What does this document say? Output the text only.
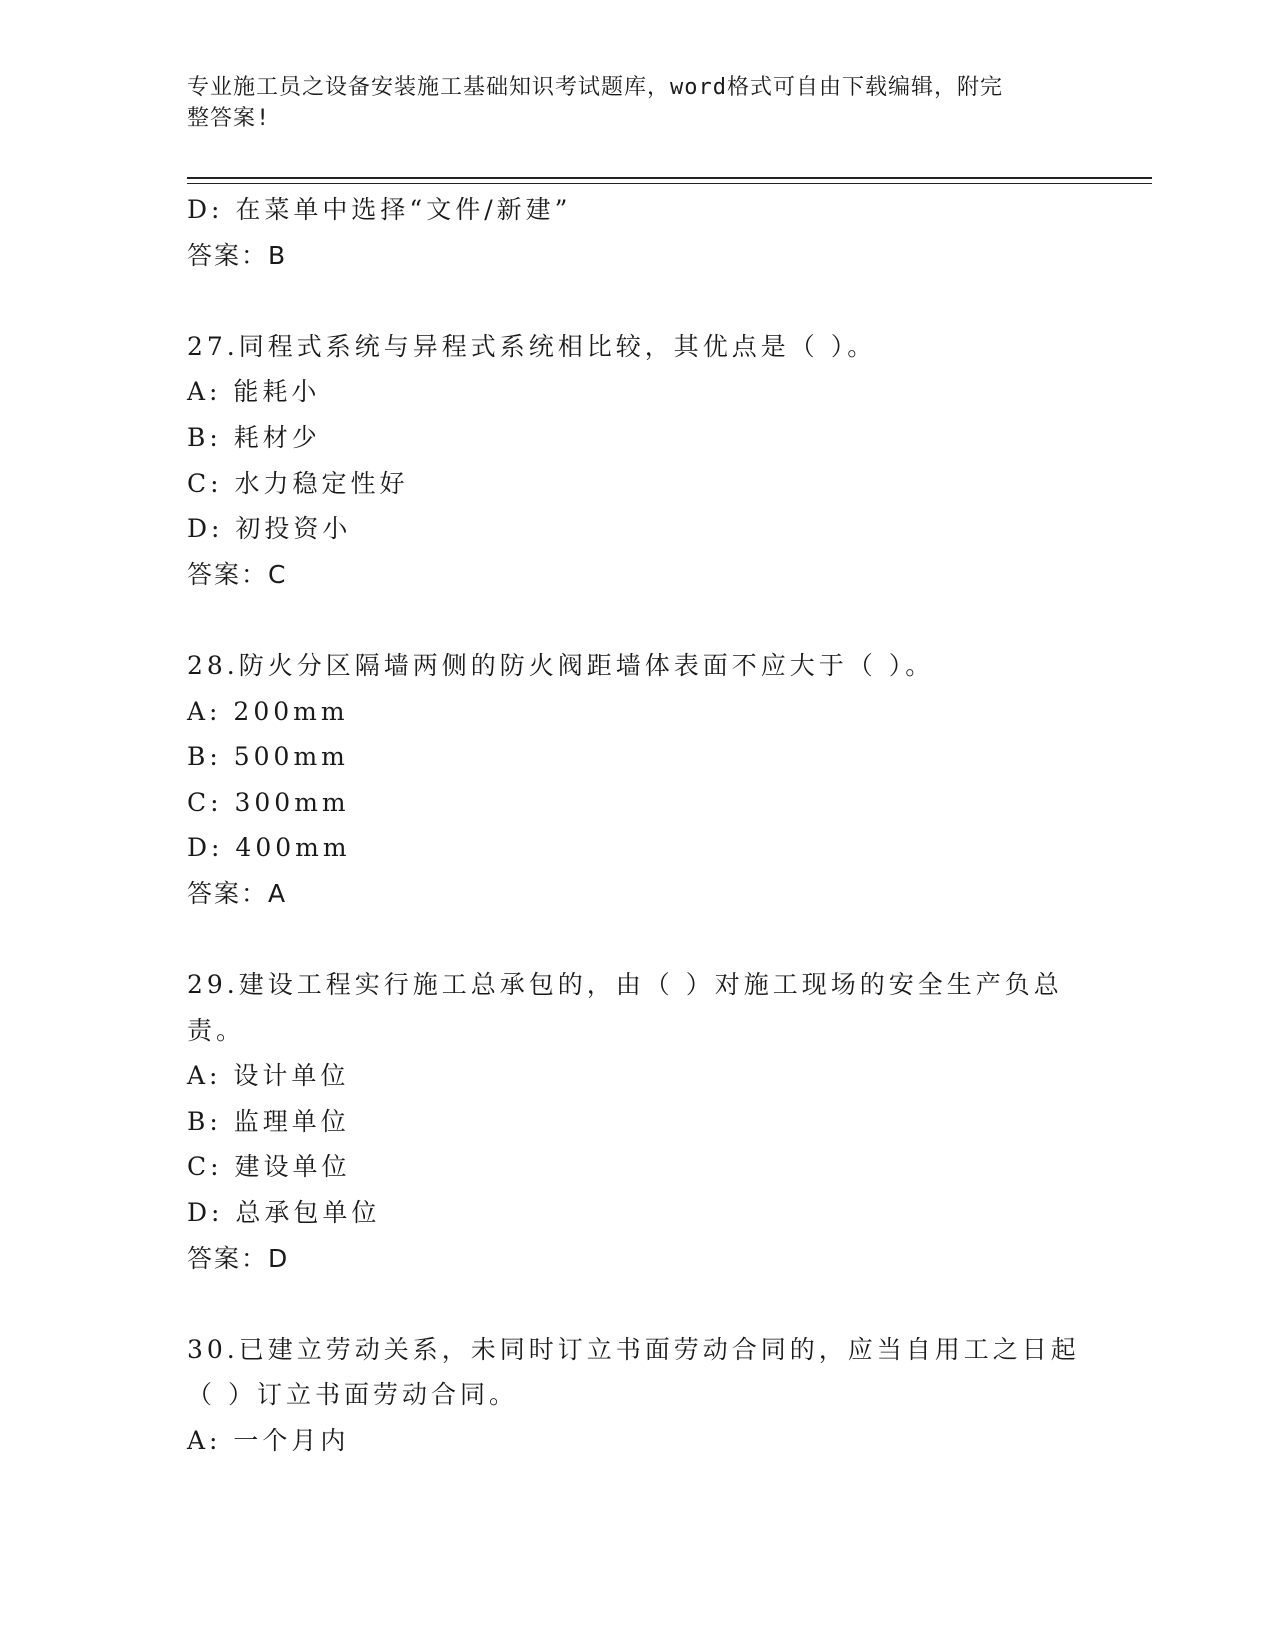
专业施工员之设备安装施工基础知识考试题库，word格式可自由下载编辑，附完
整答案!
D: 在菜单中选择“文件/新建”
答案：B
27.同程式系统与异程式系统相比较，其优点是（ ）。
A: 能耗小
B: 耗材少
C: 水力稳定性好
D: 初投资小
答案：C
28.防火分区隔墙两侧的防火阀距墙体表面不应大于（ ）。
A: 200mm
B: 500mm
C: 300mm
D: 400mm
答案：A
29.建设工程实行施工总承包的，由（ ）对施工现场的安全生产负总
责。
A: 设计单位
B: 监理单位
C: 建设单位
D: 总承包单位
答案：D
30.已建立劳动关系，未同时订立书面劳动合同的，应当自用工之日起
（ ）订立书面劳动合同。
A: 一个月内
